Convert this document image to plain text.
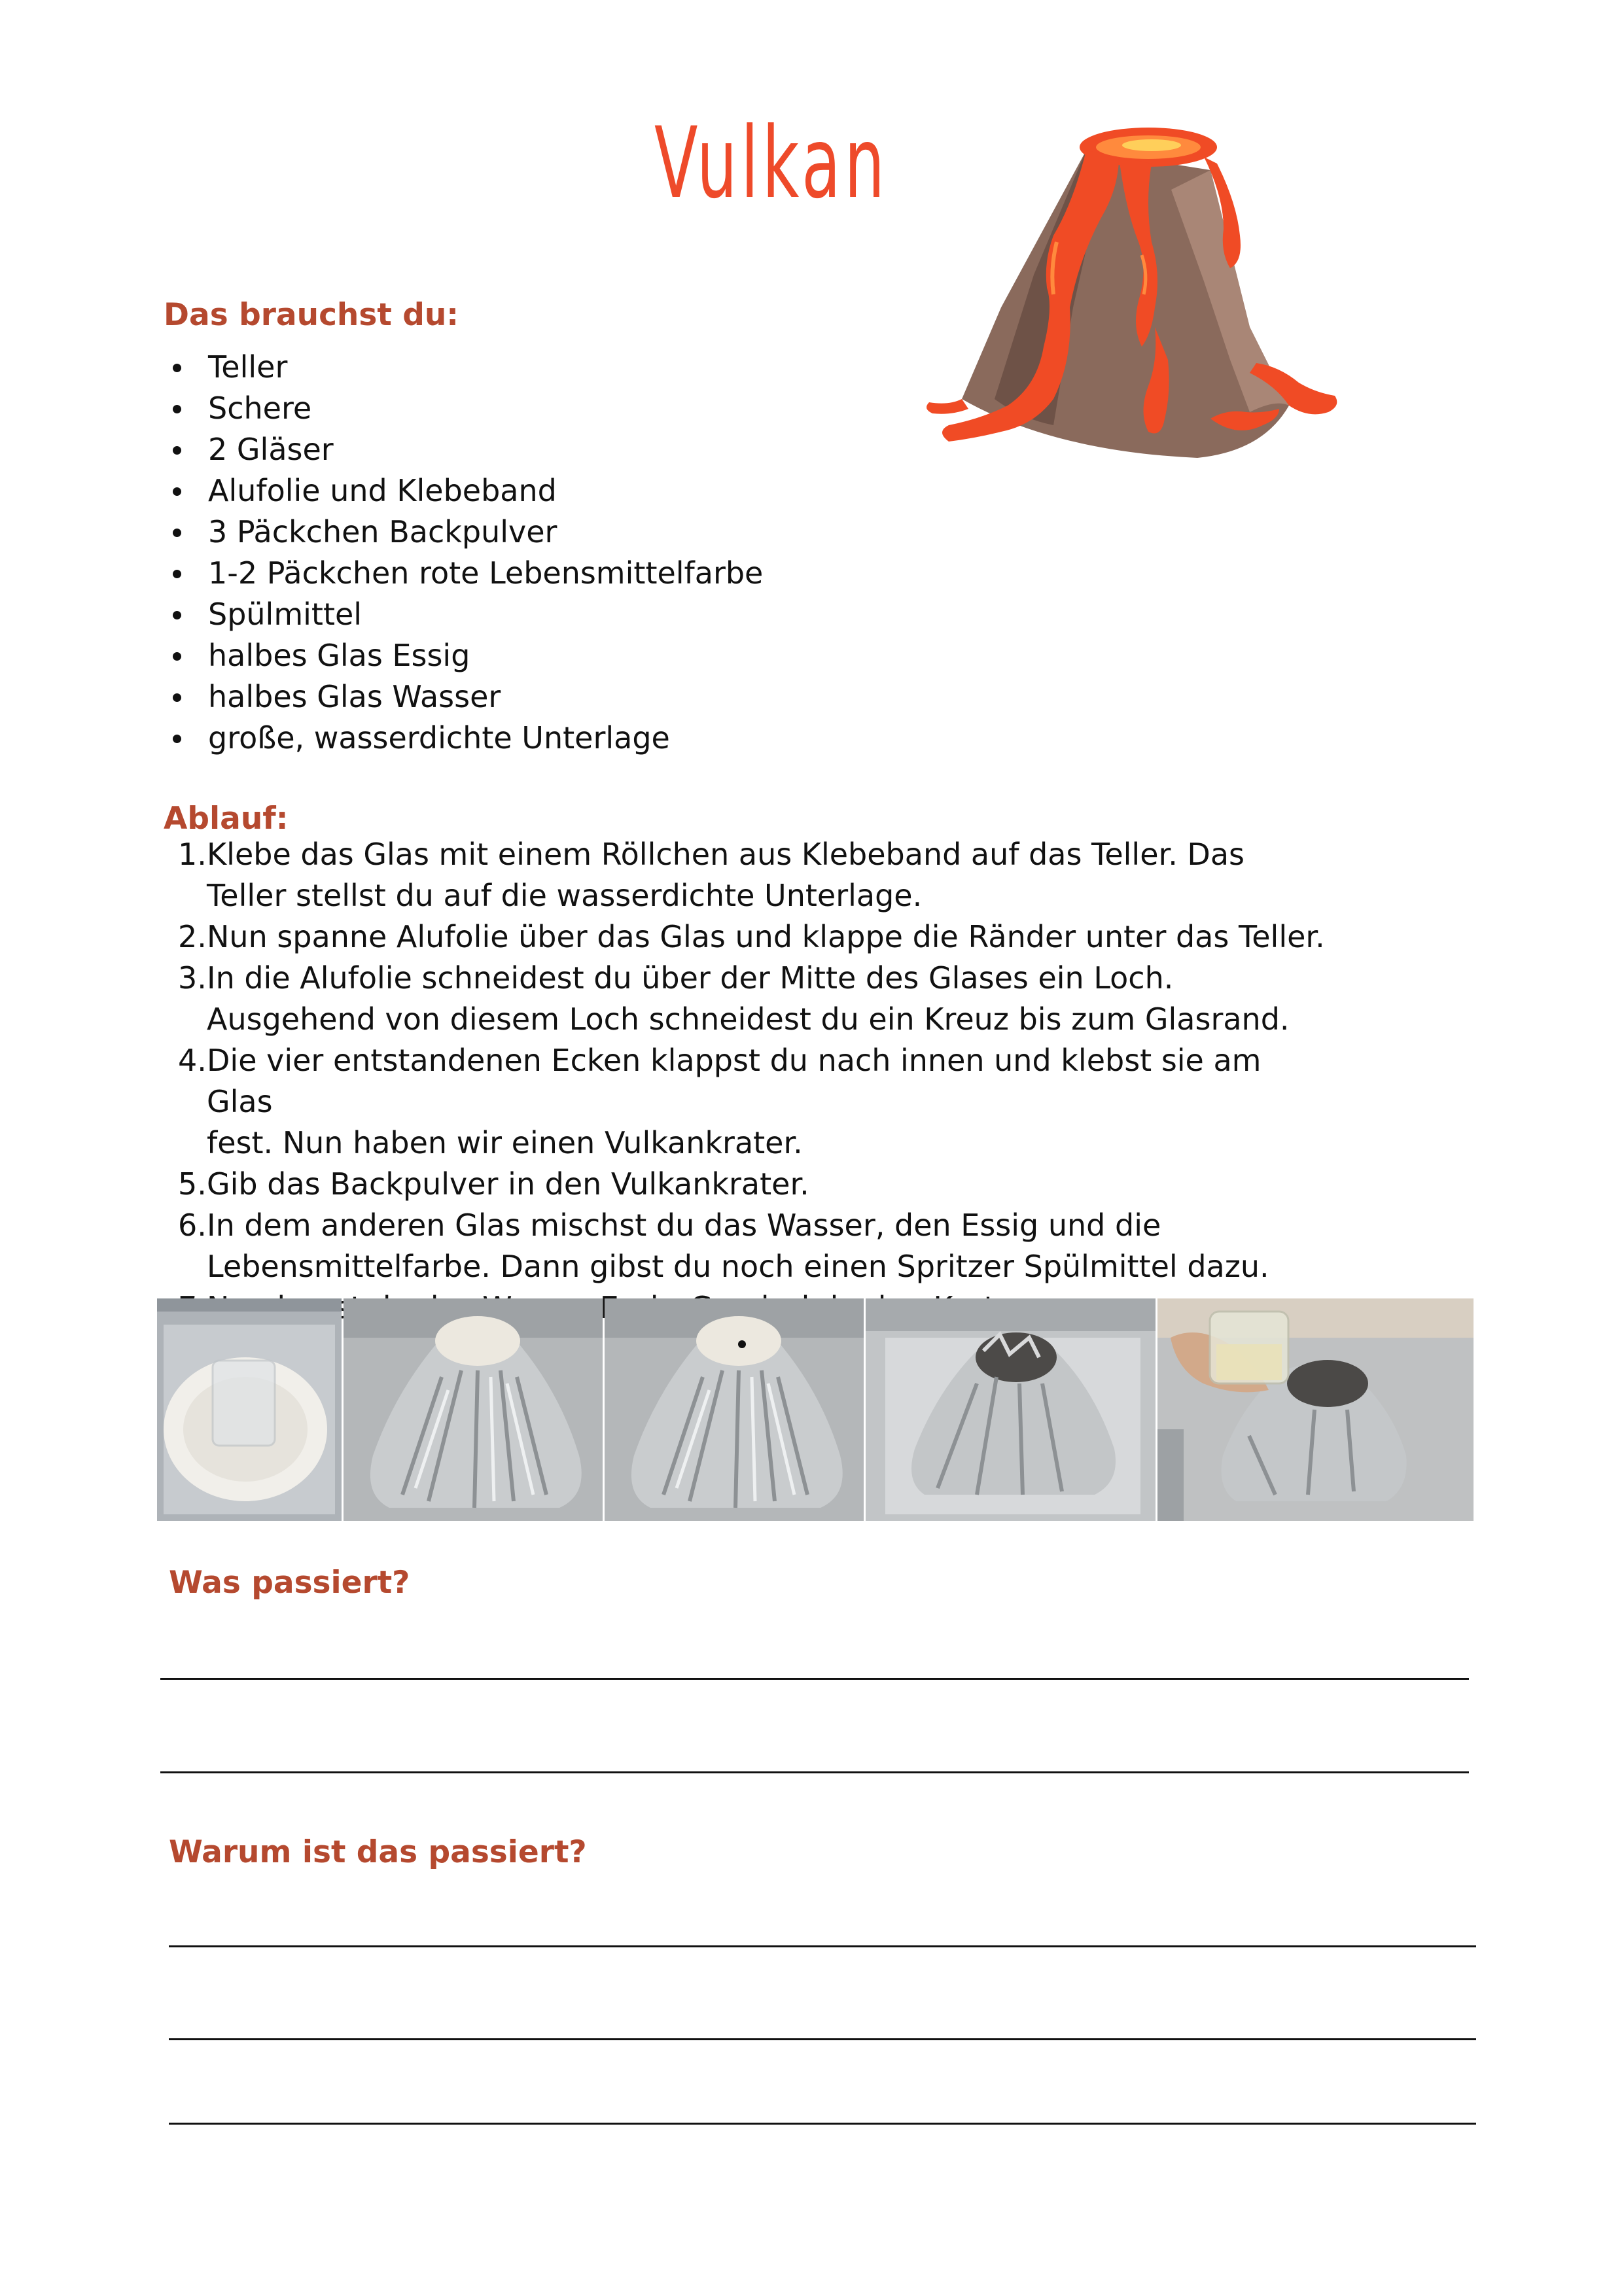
Vulkan
Das brauchst du:
Teller
Schere
2 Gläser
Alufolie und Klebeband
3 Päckchen Backpulver
1-2 Päckchen rote Lebensmittelfarbe
Spülmittel
halbes Glas Essig
halbes Glas Wasser
große, wasserdichte Unterlage
Ablauf:
1. Klebe das Glas mit einem Röllchen aus Klebeband auf das Teller. Das
Teller stellst du auf die wasserdichte Unterlage.
2. Nun spanne Alufolie über das Glas und klappe die Ränder unter das Teller.
3. In die Alufolie schneidest du über der Mitte des Glases ein Loch.
Ausgehend von diesem Loch schneidest du ein Kreuz bis zum Glasrand.
4. Die vier entstandenen Ecken klappst du nach innen und klebst sie am Glas
fest. Nun haben wir einen Vulkankrater.
5. Gib das Backpulver in den Vulkankrater.
6. In dem anderen Glas mischst du das Wasser, den Essig und die
Lebensmittelfarbe. Dann gibst du noch einen Spritzer Spülmittel dazu.
Was passiert?
Warum ist das passiert?
